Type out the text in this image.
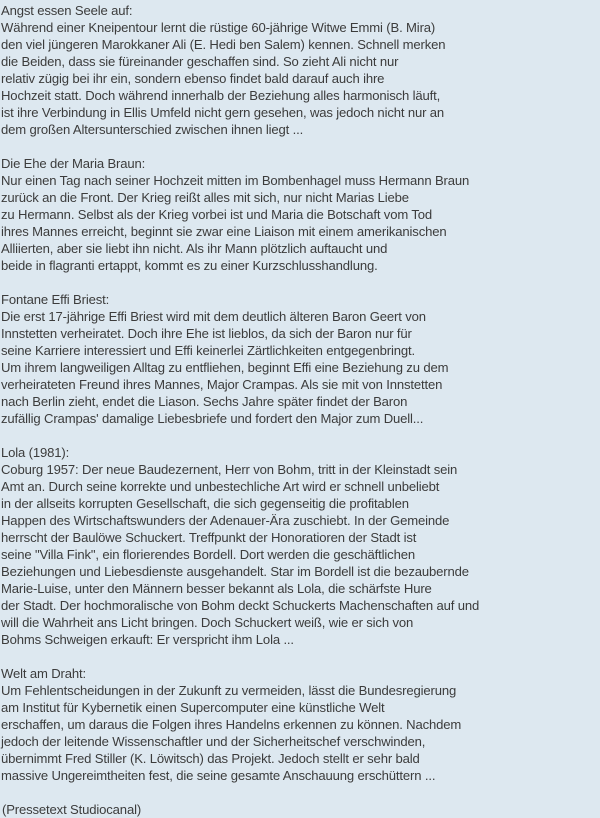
Angst essen Seele auf:
Während einer Kneipentour lernt die rüstige 60-jährige Witwe Emmi (B. Mira)
den viel jüngeren Marokkaner Ali (E. Hedi ben Salem) kennen. Schnell merken
die Beiden, dass sie füreinander geschaffen sind. So zieht Ali nicht nur
relativ zügig bei ihr ein, sondern ebenso findet bald darauf auch ihre
Hochzeit statt. Doch während innerhalb der Beziehung alles harmonisch läuft,
ist ihre Verbindung in Ellis Umfeld nicht gern gesehen, was jedoch nicht nur an
dem großen Altersunterschied zwischen ihnen liegt ...
Die Ehe der Maria Braun:
Nur einen Tag nach seiner Hochzeit mitten im Bombenhagel muss Hermann Braun
zurück an die Front. Der Krieg reißt alles mit sich, nur nicht Marias Liebe
zu Hermann. Selbst als der Krieg vorbei ist und Maria die Botschaft vom Tod
ihres Mannes erreicht, beginnt sie zwar eine Liaison mit einem amerikanischen
Alliierten, aber sie liebt ihn nicht. Als ihr Mann plötzlich auftaucht und
beide in flagranti ertappt, kommt es zu einer Kurzschlusshandlung.
Fontane Effi Briest:
Die erst 17-jährige Effi Briest wird mit dem deutlich älteren Baron Geert von
Innstetten verheiratet. Doch ihre Ehe ist lieblos, da sich der Baron nur für
seine Karriere interessiert und Effi keinerlei Zärtlichkeiten entgegenbringt.
Um ihrem langweiligen Alltag zu entfliehen, beginnt Effi eine Beziehung zu dem
verheirateten Freund ihres Mannes, Major Crampas. Als sie mit von Innstetten
nach Berlin zieht, endet die Liason. Sechs Jahre später findet der Baron
zufällig Crampas' damalige Liebesbriefe und fordert den Major zum Duell...
Lola (1981):
Coburg 1957: Der neue Baudezernent, Herr von Bohm, tritt in der Kleinstadt sein
Amt an. Durch seine korrekte und unbestechliche Art wird er schnell unbeliebt
in der allseits korrupten Gesellschaft, die sich gegenseitig die profitablen
Happen des Wirtschaftswunders der Adenauer-Ära zuschiebt. In der Gemeinde
herrscht der Baulöwe Schuckert. Treffpunkt der Honoratioren der Stadt ist
seine "Villa Fink", ein florierendes Bordell. Dort werden die geschäftlichen
Beziehungen und Liebesdienste ausgehandelt. Star im Bordell ist die bezaubernde
Marie-Luise, unter den Männern besser bekannt als Lola, die schärfste Hure
der Stadt. Der hochmoralische von Bohm deckt Schuckerts Machenschaften auf und
will die Wahrheit ans Licht bringen. Doch Schuckert weiß, wie er sich von
Bohms Schweigen erkauft: Er verspricht ihm Lola ...
Welt am Draht:
Um Fehlentscheidungen in der Zukunft zu vermeiden, lässt die Bundesregierung
am Institut für Kybernetik einen Supercomputer eine künstliche Welt
erschaffen, um daraus die Folgen ihres Handelns erkennen zu können. Nachdem
jedoch der leitende Wissenschaftler und der Sicherheitschef verschwinden,
übernimmt Fred Stiller (K. Löwitsch) das Projekt. Jedoch stellt er sehr bald
massive Ungereimtheiten fest, die seine gesamte Anschauung erschüttern ...
(Pressetext Studiocanal)
